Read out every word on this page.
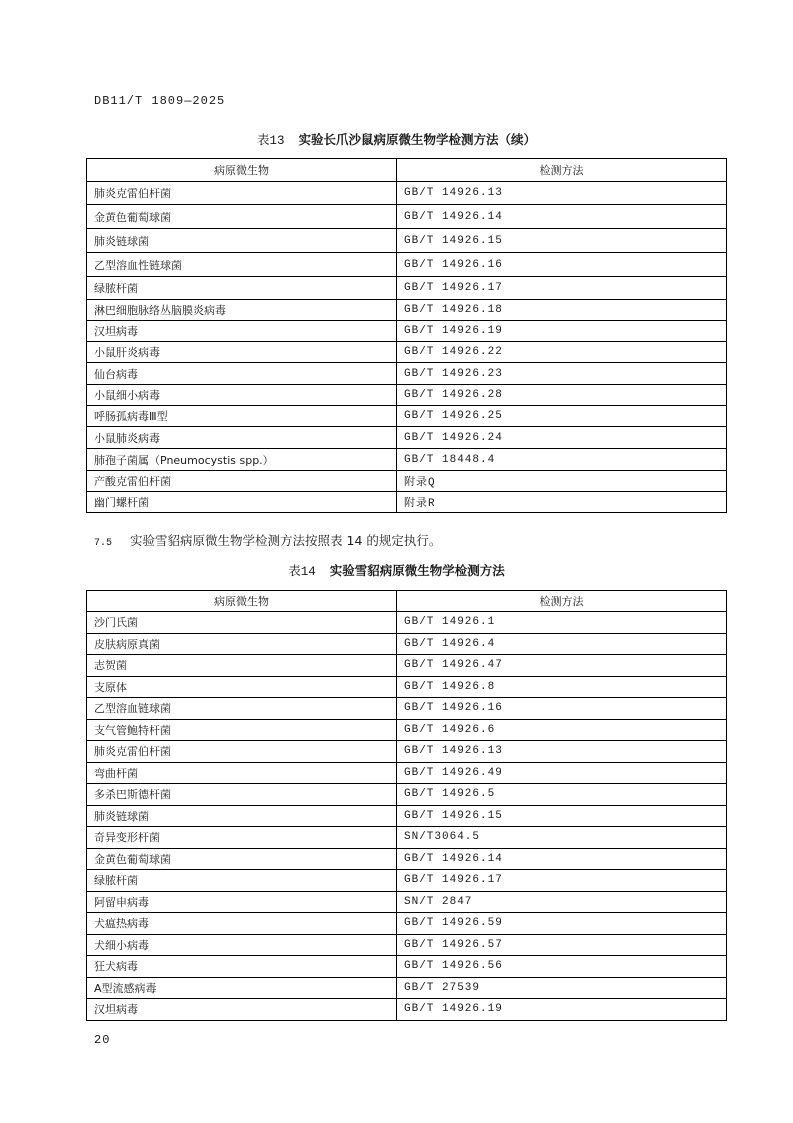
DB11/T 1809—2025
表13 实验长爪沙鼠病原微生物学检测方法（续）
病原微生物	检测方法
肺炎克雷伯杆菌	GB/T 14926.13
金黄色葡萄球菌	GB/T 14926.14
肺炎链球菌	GB/T 14926.15
乙型溶血性链球菌	GB/T 14926.16
绿脓杆菌	GB/T 14926.17
淋巴细胞脉络丛脑膜炎病毒	GB/T 14926.18
汉坦病毒	GB/T 14926.19
小鼠肝炎病毒	GB/T 14926.22
仙台病毒	GB/T 14926.23
小鼠细小病毒	GB/T 14926.28
呼肠孤病毒Ⅲ型	GB/T 14926.25
小鼠肺炎病毒	GB/T 14926.24
肺孢子菌属（Pneumocystis spp.）	GB/T 18448.4
产酸克雷伯杆菌	附录Q
幽门螺杆菌	附录R
7.5 实验雪貂病原微生物学检测方法按照表 14 的规定执行。
表14 实验雪貂病原微生物学检测方法
病原微生物	检测方法
沙门氏菌	GB/T 14926.1
皮肤病原真菌	GB/T 14926.4
志贺菌	GB/T 14926.47
支原体	GB/T 14926.8
乙型溶血链球菌	GB/T 14926.16
支气管鲍特杆菌	GB/T 14926.6
肺炎克雷伯杆菌	GB/T 14926.13
弯曲杆菌	GB/T 14926.49
多杀巴斯德杆菌	GB/T 14926.5
肺炎链球菌	GB/T 14926.15
奇异变形杆菌	SN/T3064.5
金黄色葡萄球菌	GB/T 14926.14
绿脓杆菌	GB/T 14926.17
阿留申病毒	SN/T 2847
犬瘟热病毒	GB/T 14926.59
犬细小病毒	GB/T 14926.57
狂犬病毒	GB/T 14926.56
A型流感病毒	GB/T 27539
汉坦病毒	GB/T 14926.19
20
